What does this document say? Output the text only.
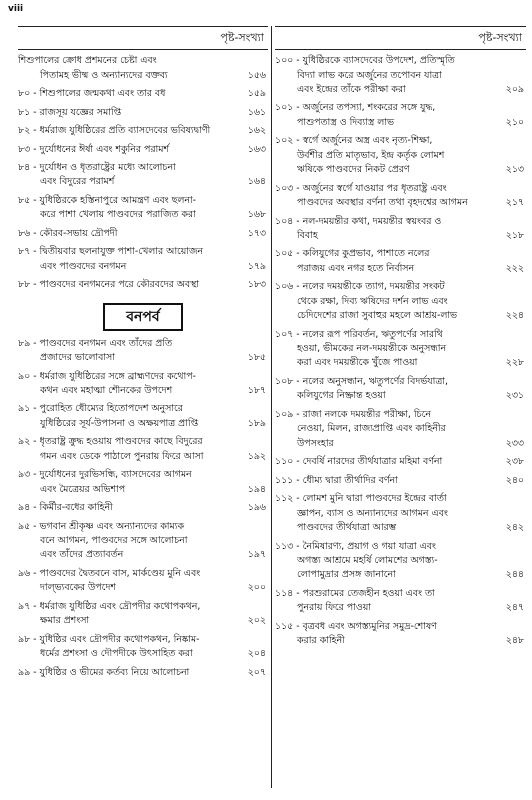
viii
পৃষ্ট-সংখ্যা
শিশুপালের ক্রোধ প্রশমনের চেষ্টা এবং
পিতামহ ভীষ্ম ও অন্যান্যদের বক্তব্য	১৫৬
৮০ - শিশুপালের জন্মকথা এবং তার বধ	১৫৯
৮১ - রাজসূয় যজ্ঞের সমাপ্তি	১৬১
৮২ - ধর্মরাজ যুধিষ্ঠিরের প্রতি ব্যাসদেবের ভবিষ্যদ্বাণী	১৬২
৮৩ - দুর্যোধনের ঈর্ষা এবং শকুনির পরামর্শ	১৬৩
৮৪ - দুর্যোধন ও ধৃতরাষ্ট্রের মধ্যে আলোচনা
এবং বিদুরের পরামর্শ	১৬৪
৮৫ - যুধিষ্ঠিরকে হস্তিনাপুরে আমন্ত্রণ এবং ছলনা-
করে পাশা খেলায় পাণ্ডবদের পরাজিত করা	১৬৮
৮৬ - কৌরব-সভায় দ্রৌপদী	১৭৩
৮৭ - দ্বিতীয়বার ছলনাযুক্ত পাশা-খেলার আয়োজন
এবং পাণ্ডবদের বনগমন	১৭৯
৮৮ - পাণ্ডবদের বনগমনের পরে কৌরবদের অবস্থা	১৮৩
বনপর্ব
৮৯ - পাণ্ডবদের বনগমন এবং তাঁদের প্রতি
প্রজাদের ভালোবাসা	১৮৫
৯০ - ধর্মরাজ যুধিষ্ঠিরের সঙ্গে ব্রাহ্মণদের কথোপ-
কথন এবং মহাত্মা শৌনকের উপদেশ	১৮৭
৯১ - পুরোহিত ধৌম্যের হিতোপদেশ অনুসারে
যুধিষ্ঠিরের সূর্য-উপাসনা ও অক্ষয়পাত্র প্রাপ্তি	১৮৯
৯২ - ধৃতরাষ্ট্র ক্রুদ্ধ হওয়ায় পাণ্ডবদের কাছে বিদুরের
গমন এবং ডেকে পাঠালে পুনরায় ফিরে আসা	১৯২
৯৩ - দুর্যোধনের দুরভিসন্ধি, ব্যাসদেবের আগমন
এবং মৈত্রেয়র অভিশাপ	১৯৪
৯৪ - কির্মীর-বধের কাহিনী	১৯৬
৯৫ - ভগবান শ্রীকৃষ্ণ এবং অন্যান্যদের কাম্যক
বনে আগমন, পাণ্ডবদের সঙ্গে আলোচনা
এবং তাঁদের প্রত্যাবর্তন	১৯৭
৯৬ - পাণ্ডবদের দ্বৈতবনে বাস, মার্কণ্ডেয় মুনি এবং
দাল্‌ভ্যবকের উপদেশ	২০০
৯৭ - ধর্মরাজ যুধিষ্ঠির এবং দ্রৌপদীর কথোপকথন,
ক্ষমার প্রশংসা	২০২
৯৮ - যুধিষ্ঠির এবং দ্রৌপদীর কথোপকথন, নিষ্কাম-
ধর্মের প্রশংসা ও দৌপদীকে উৎসাহিত করা	২০৪
৯৯ - যুধিষ্ঠির ও ভীমের কর্তব্য নিয়ে আলোচনা	২০৭
পৃষ্ট-সংখ্যা
১০০ - যুধিষ্ঠিরকে ব্যাসদেবের উপদেশ, প্রতিস্মৃতি
বিদ্যা লাভ করে অর্জুনের তপোবন যাত্রা
এবং ইন্দ্রের তাঁকে পরীক্ষা করা	২০৯
১০১ - অর্জুনের তপস্যা, শংকরের সঙ্গে যুদ্ধ,
পাশুপতাস্ত্র ও দিব্যাস্ত্র লাভ	২১০
১০২ - স্বর্গে অর্জুনের অস্ত্র এবং নৃত্য-শিক্ষা,
উর্বশীর প্রতি মাতৃভাব, ইন্দ্র কর্তৃক লোমশ
ঋষিকে পাণ্ডবদের নিকট প্রেরণ	২১৩
১০৩ - অর্জুনের স্বর্গে যাওয়ার পর ধৃতরাষ্ট্র এবং
পাণ্ডবদের অবস্থার বর্ণনা তথা বৃহদশ্বের আগমন	২১৭
১০৪ - নল-দময়ন্তীর কথা, দময়ন্তীর স্বয়ংবর ও
বিবাহ	২১৮
১০৫ - কলিযুগের কুপ্রভাব, পাশাতে নলের
পরাজয় এবং নগর হতে নির্বাসন	২২২
১০৬ - নলের দময়ন্তীকে ত্যাগ, দময়ন্তীর সংকট
থেকে রক্ষা, দিব্য ঋষিদের দর্শন লাভ এবং
চেদিদেশের রাজা সুবাহুর মহলে আশ্রয়-লাভ	২২৪
১০৭ - নলের রূপ পরিবর্তন, ঋতুপর্ণের সারথি
হওয়া, ভীমকের নল-দময়ন্তীকে অনুসন্ধান
করা এবং দময়ন্তীকে খুঁজে পাওয়া	২২৮
১০৮ - নলের অনুসন্ধান, ঋতুপর্ণের বিদর্ভযাত্রা,
কলিযুগের নিষ্ক্রান্ত হওয়া	২৩১
১০৯ - রাজা নলকে দময়ন্তীর পরীক্ষা, চিনে
নেওয়া, মিলন, রাজ্যপ্রাপ্তি এবং কাহিনীর
উপসংহার	২৩৩
১১০ - দেবর্ষি নারদের তীর্থযাত্রার মহিমা বর্ণনা	২৩৮
১১১ - ধৌম্য দ্বারা তীর্থাদির বর্ণনা	২৪০
১১২ - লোমশ মুনি দ্বারা পাণ্ডবদের ইন্দ্রের বার্তা
জ্ঞাপন, ব্যাস ও অন্যান্যদের আগমন এবং
পাণ্ডবদের তীর্থযাত্রা আরম্ভ	২৪২
১১৩ - নৈমিষারণ্য, প্রয়াগ ও গয়া যাত্রা এবং
অগস্ত্য আশ্রমে মহর্ষি লোমশের অগস্ত্য-
লোপামুদ্রার প্রসঙ্গ জানানো	২৪৪
১১৪ - পরশুরামের তেজহীন হওয়া এবং তা
পুনরায় ফিরে পাওয়া	২৪৭
১১৫ - বৃত্রবধ এবং অগস্ত্যমুনির সমুদ্র-শোষণ
করার কাহিনী	২৪৮
